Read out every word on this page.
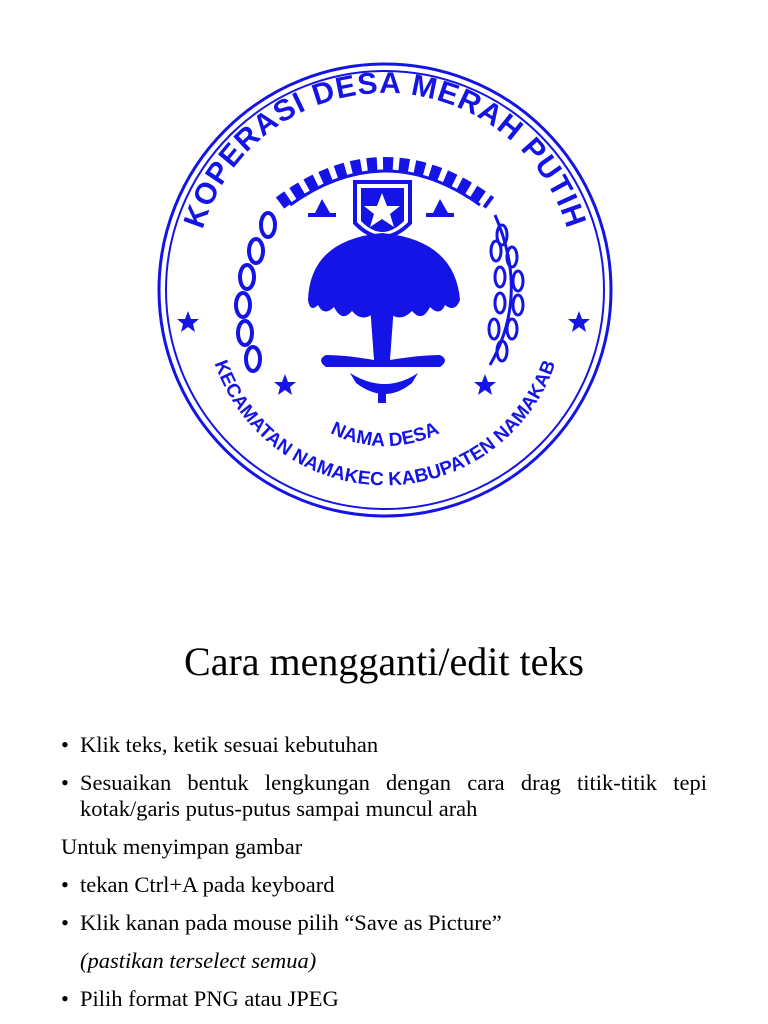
KOPERASI DESA MERAH PUTIH
KECAMATAN NAMAKEC KABUPATEN NAMAKAB
NAMA DESA
Cara mengganti/edit teks
• Klik teks, ketik sesuai kebutuhan
• Sesuaikan bentuk lengkungan dengan cara drag titik-titik tepi kotak/garis putus-putus sampai muncul arah
Untuk menyimpan gambar
• tekan Ctrl+A pada keyboard
• Klik kanan pada mouse pilih “Save as Picture”
(pastikan terselect semua)
• Pilih format PNG atau JPEG
